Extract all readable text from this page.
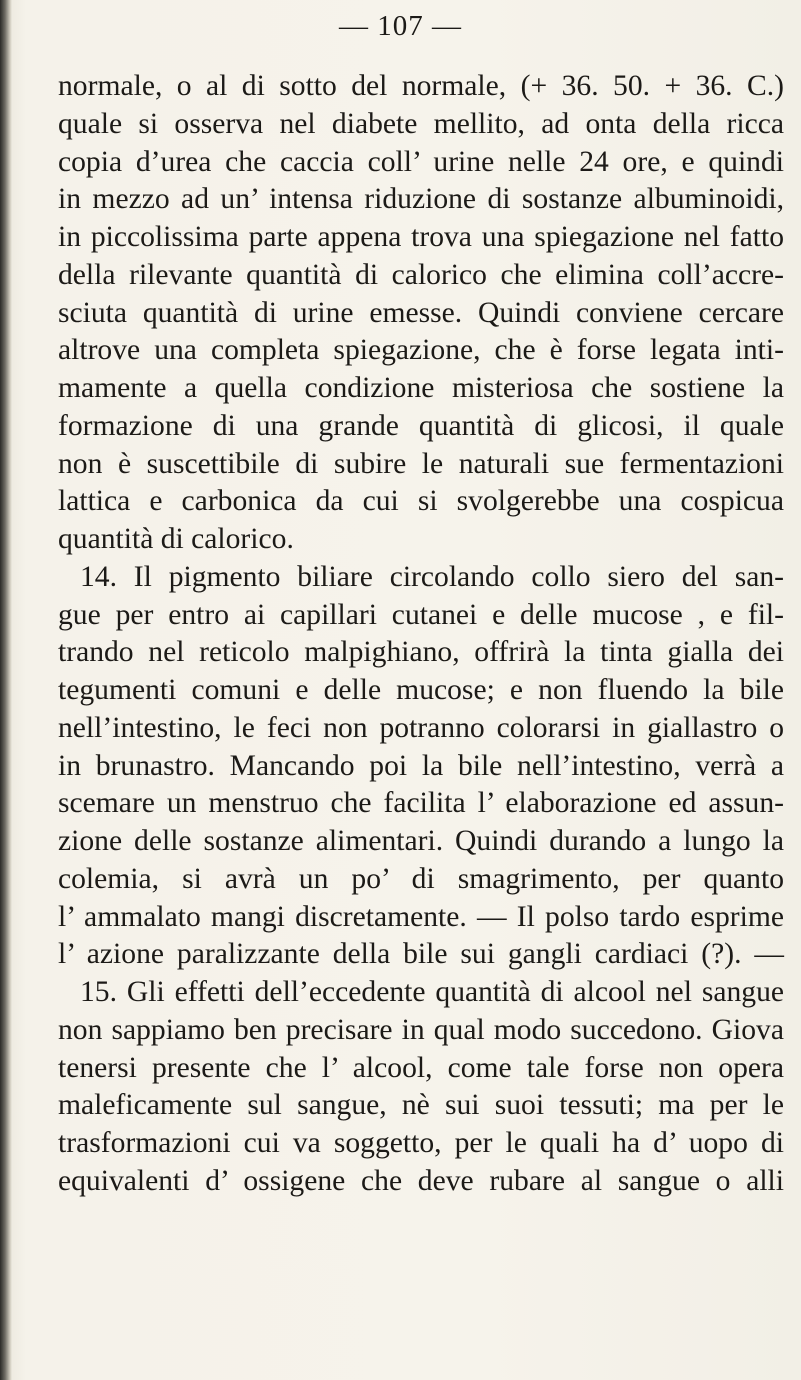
— 107 —
normale, o al di sotto del normale, (+ 36. 50. + 36. C.)
quale si osserva nel diabete mellito, ad onta della ricca
copia d’urea che caccia coll’ urine nelle 24 ore, e quindi
in mezzo ad un’ intensa riduzione di sostanze albuminoidi,
in piccolissima parte appena trova una spiegazione nel fatto
della rilevante quantità di calorico che elimina coll’accre-
sciuta quantità di urine emesse. Quindi conviene cercare
altrove una completa spiegazione, che è forse legata inti-
mamente a quella condizione misteriosa che sostiene la
formazione di una grande quantità di glicosi, il quale
non è suscettibile di subire le naturali sue fermentazioni
lattica e carbonica da cui si svolgerebbe una cospicua
quantità di calorico.
14. Il pigmento biliare circolando collo siero del san-
gue per entro ai capillari cutanei e delle mucose , e fil-
trando nel reticolo malpighiano, offrirà la tinta gialla dei
tegumenti comuni e delle mucose; e non fluendo la bile
nell’intestino, le feci non potranno colorarsi in giallastro o
in brunastro. Mancando poi la bile nell’intestino, verrà a
scemare un menstruo che facilita l’ elaborazione ed assun-
zione delle sostanze alimentari. Quindi durando a lungo la
colemia, si avrà un po’ di smagrimento, per quanto
l’ ammalato mangi discretamente. — Il polso tardo esprime
l’ azione paralizzante della bile sui gangli cardiaci (?). —
15. Gli effetti dell’eccedente quantità di alcool nel sangue
non sappiamo ben precisare in qual modo succedono. Giova
tenersi presente che l’ alcool, come tale forse non opera
maleficamente sul sangue, nè sui suoi tessuti; ma per le
trasformazioni cui va soggetto, per le quali ha d’ uopo di
equivalenti d’ ossigene che deve rubare al sangue o alli
